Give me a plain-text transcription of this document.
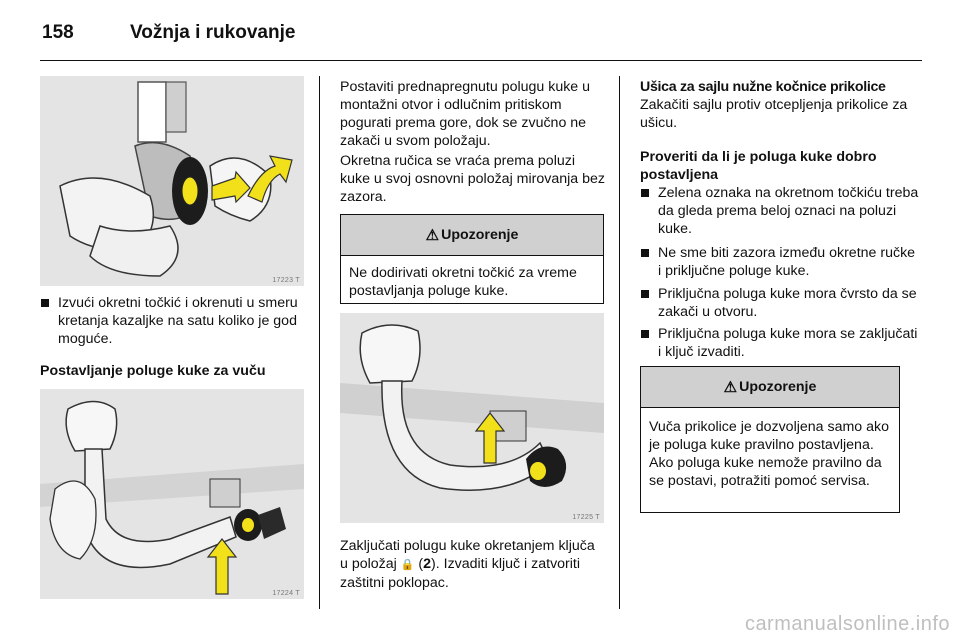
158	Vožnja i rukovanje
17223 T
Izvući okretni točkić i okrenuti u smeru kretanja kazaljke na satu koliko je god moguće.
Postavljanje poluge kuke za vuču
17224 T
Postaviti prednapregnutu polugu kuke u montažni otvor i odlučnim pritiskom pogurati prema gore, dok se zvučno ne zakači u svom položaju.
Okretna ručica se vraća prema poluzi kuke u svoj osnovni položaj mirovanja bez zazora.
⚠ Upozorenje
Ne dodirivati okretni točkić za vreme postavljanja poluge kuke.
17225 T
Zaključati polugu kuke okretanjem ključa u položaj 🔒 (2). Izvaditi ključ i zatvoriti zaštitni poklopac.
Ušica za sajlu nužne kočnice prikolice
Zakačiti sajlu protiv otcepljenja prikolice za ušicu.
Proveriti da li je poluga kuke dobro postavljena
Zelena oznaka na okretnom točkiću treba da gleda prema beloj oznaci na poluzi kuke.
Ne sme biti zazora između okretne ručke i priključne poluge kuke.
Priključna poluga kuke mora čvrsto da se zakači u otvoru.
Priključna poluga kuke mora se zaključati i ključ izvaditi.
⚠ Upozorenje
Vuča prikolice je dozvoljena samo ako je poluga kuke pravilno postavljena. Ako poluga kuke nemože pravilno da se postavi, potražiti pomoć servisa.
carmanualsonline.info
